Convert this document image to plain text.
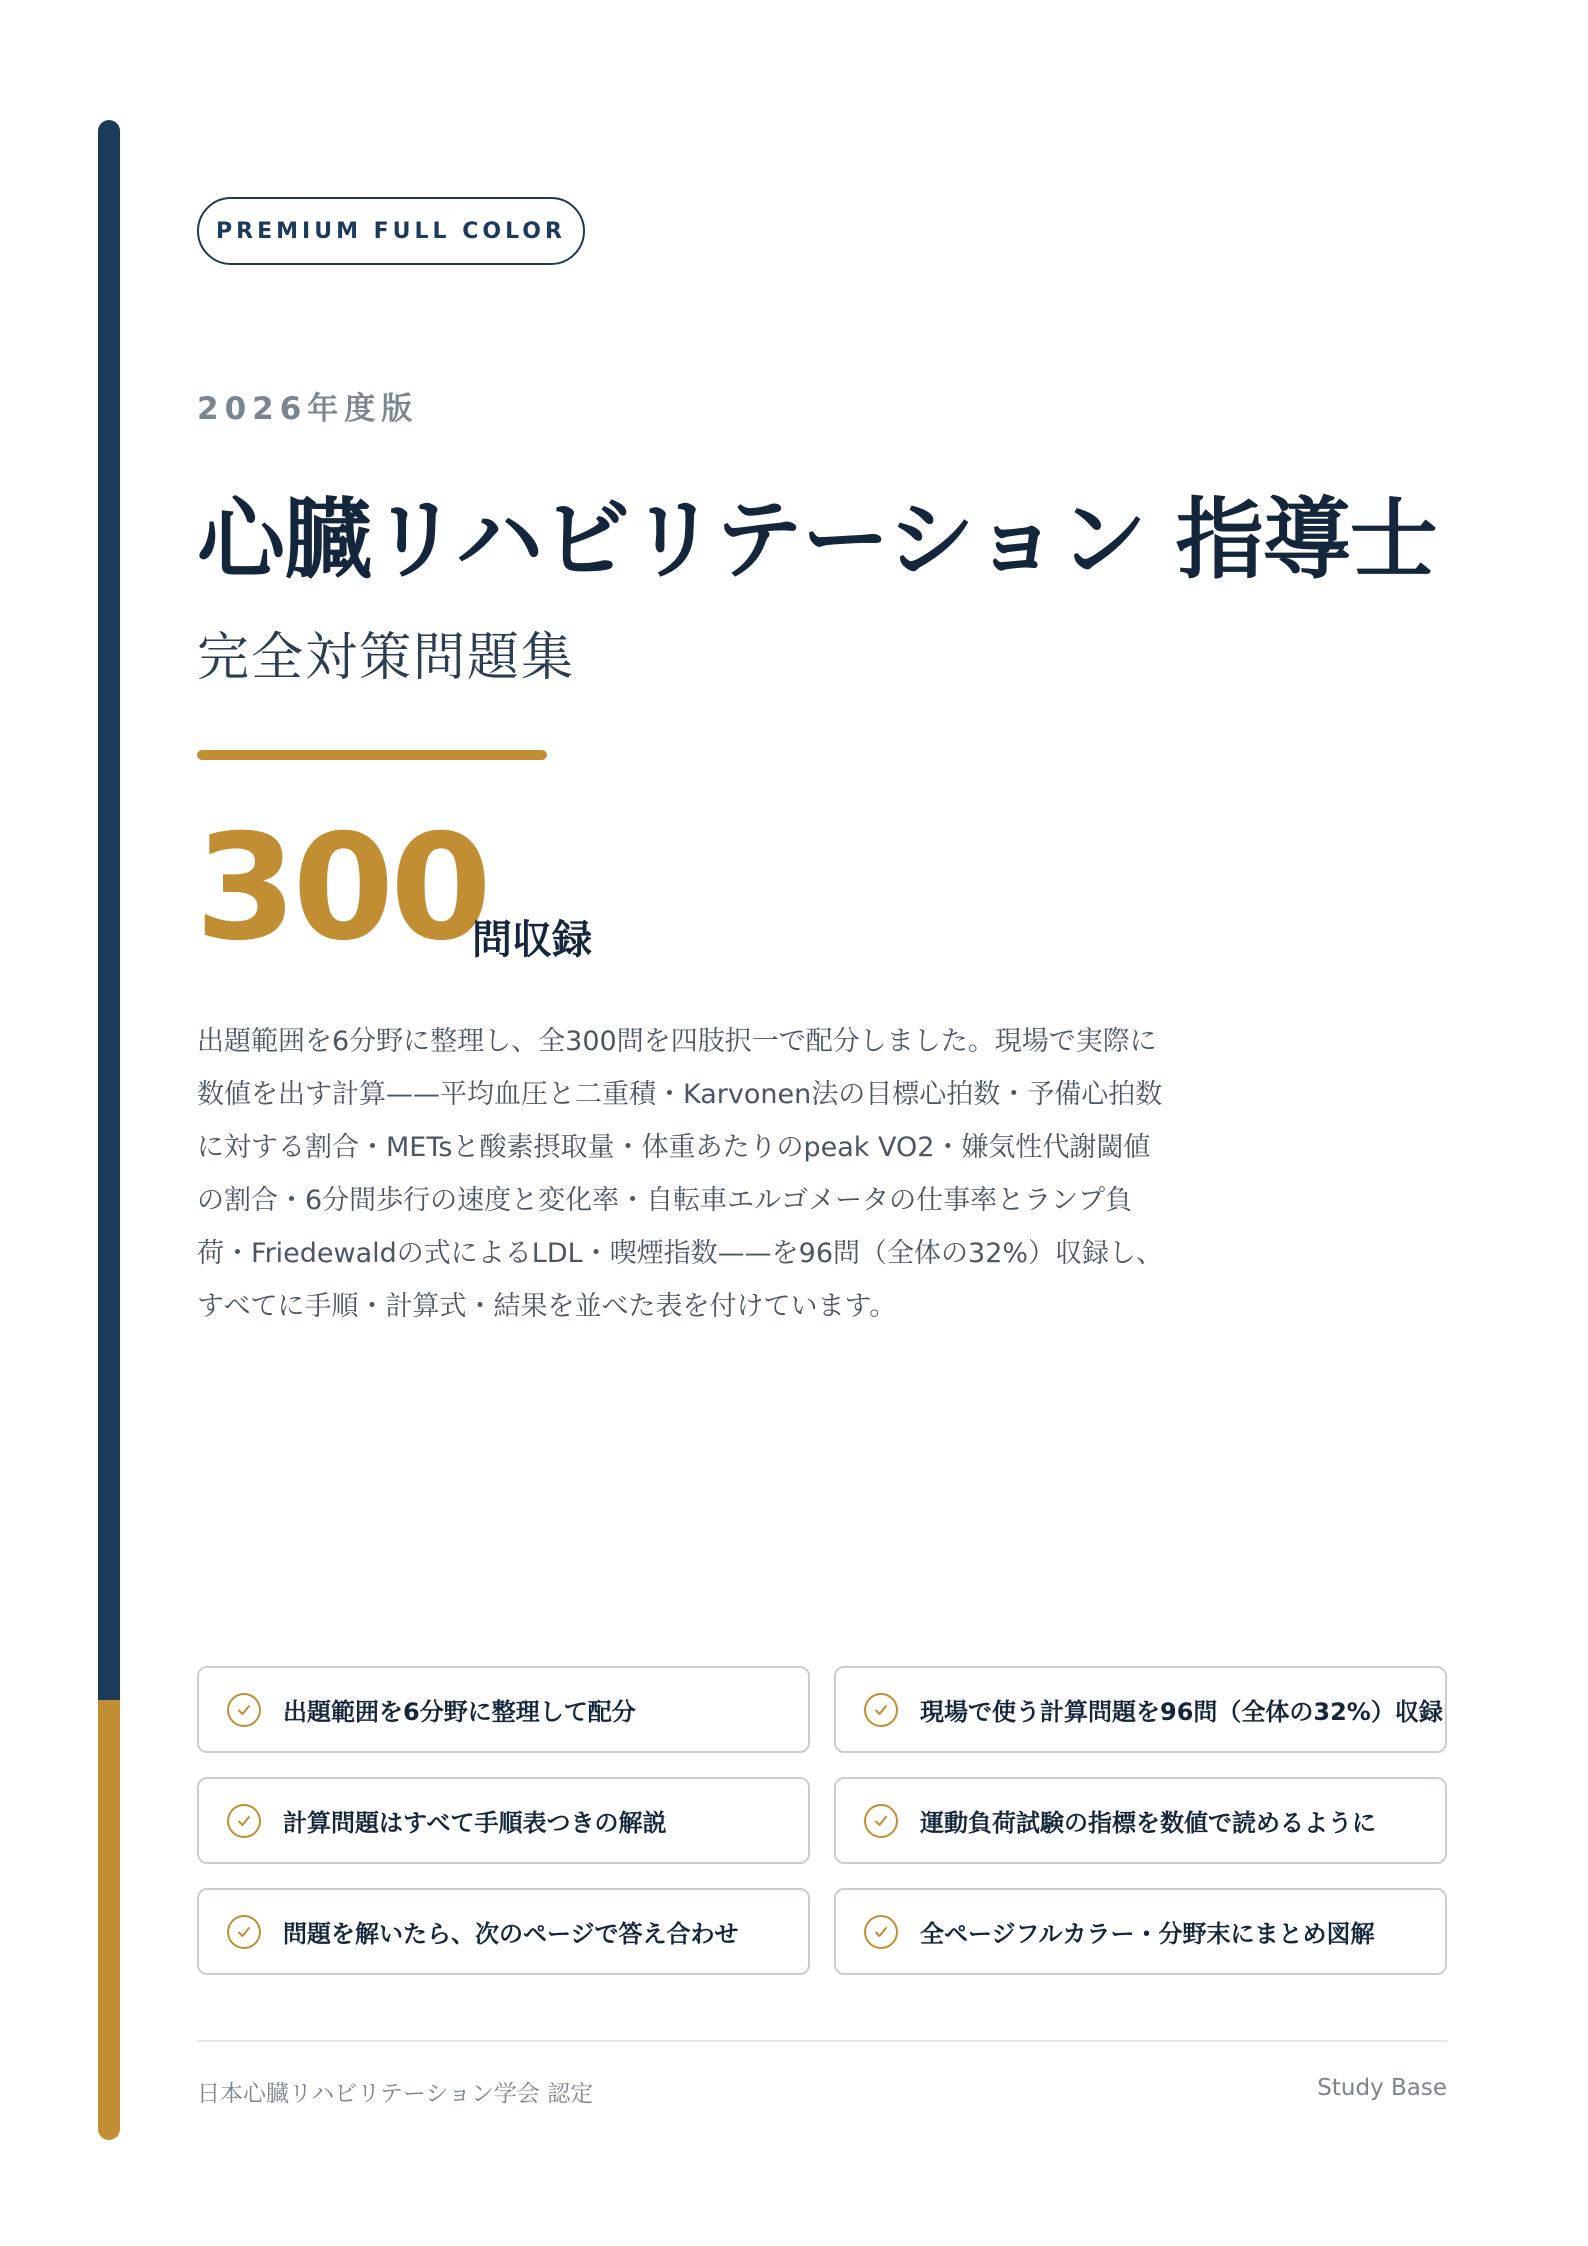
PREMIUM FULL COLOR
2026年度版
心臓リハビリテーション 指導士
完全対策問題集
300
問収録
出題範囲を6分野に整理し、全300問を四肢択一で配分しました。現場で実際に数値を出す計算——平均血圧と二重積・Karvonen法の目標心拍数・予備心拍数に対する割合・METsと酸素摂取量・体重あたりのpeak VO2・嫌気性代謝閾値の割合・6分間歩行の速度と変化率・自転車エルゴメータの仕事率とランプ負荷・Friedewaldの式によるLDL・喫煙指数——を96問（全体の32%）収録し、すべてに手順・計算式・結果を並べた表を付けています。
出題範囲を6分野に整理して配分	現場で使う計算問題を96問（全体の32%）収録
計算問題はすべて手順表つきの解説	運動負荷試験の指標を数値で読めるように
問題を解いたら、次のページで答え合わせ	全ページフルカラー・分野末にまとめ図解
日本心臓リハビリテーション学会 認定	Study Base
